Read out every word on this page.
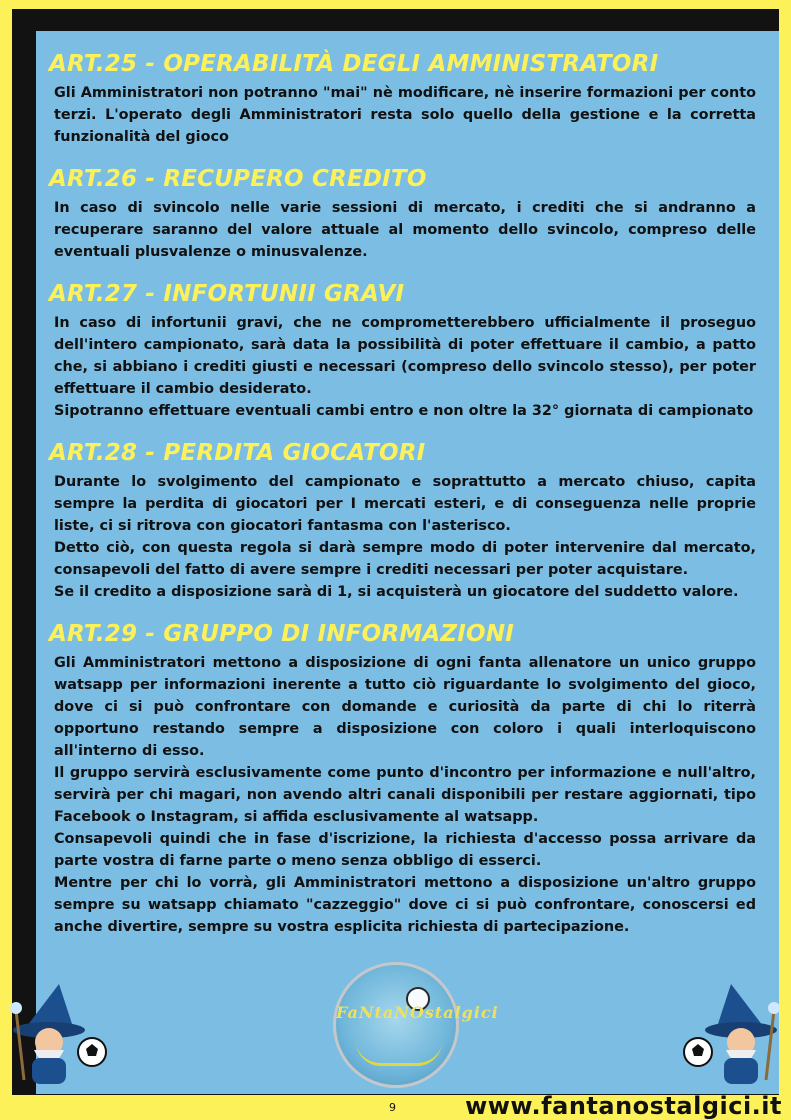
ART.25 - OPERABILITÀ DEGLI AMMINISTRATORI

Gli Amministratori non potranno "mai" nè modificare, nè inserire formazioni per conto terzi. L'operato degli Amministratori resta solo quello della gestione e la corretta funzionalità del gioco

ART.26 - RECUPERO CREDITO

In caso di svincolo nelle varie sessioni di mercato, i crediti che si andranno a recuperare saranno del valore attuale al momento dello svincolo, compreso delle eventuali plusvalenze o minusvalenze.

ART.27 - INFORTUNII GRAVI

In caso di infortunii gravi, che ne comprometterebbero ufficialmente il proseguo dell'intero campionato, sarà data la possibilità di poter effettuare il cambio, a patto che, si abbiano i crediti giusti e necessari (compreso dello svincolo stesso), per poter effettuare il cambio desiderato.

Sipotranno effettuare eventuali cambi entro e non oltre la 32° giornata di campionato

ART.28 - PERDITA GIOCATORI

Durante lo svolgimento del campionato e soprattutto a mercato chiuso, capita sempre la perdita di giocatori per I mercati esteri, e di conseguenza nelle proprie liste, ci si ritrova con giocatori fantasma con l'asterisco.

Detto ciò, con questa regola si darà sempre modo di poter intervenire dal mercato, consapevoli del fatto di avere sempre i crediti necessari per poter acquistare.

Se il credito a disposizione sarà di 1, si acquisterà un giocatore del suddetto valore.

ART.29 - GRUPPO DI INFORMAZIONI

Gli Amministratori mettono a disposizione di ogni fanta allenatore un unico gruppo watsapp per informazioni inerente a tutto ciò riguardante lo svolgimento del gioco, dove ci si può confrontare con domande e curiosità da parte di chi lo riterrà opportuno restando sempre a disposizione con coloro i quali interloquiscono all'interno di esso.

Il gruppo servirà esclusivamente come punto d'incontro per informazione e null'altro, servirà per chi magari, non avendo altri canali disponibili per restare aggiornati, tipo Facebook o Instagram, si affida esclusivamente al watsapp.

Consapevoli quindi che in fase d'iscrizione, la richiesta d'accesso possa arrivare da parte vostra di farne parte o meno senza obbligo di esserci.

Mentre per chi lo vorrà, gli Amministratori mettono a disposizione un'altro gruppo sempre su watsapp chiamato "cazzeggio" dove ci si può confrontare, conoscersi ed anche divertire, sempre su vostra esplicita richiesta di partecipazione.

FaNtaNOstalgici
9	www.fantanostalgici.it
